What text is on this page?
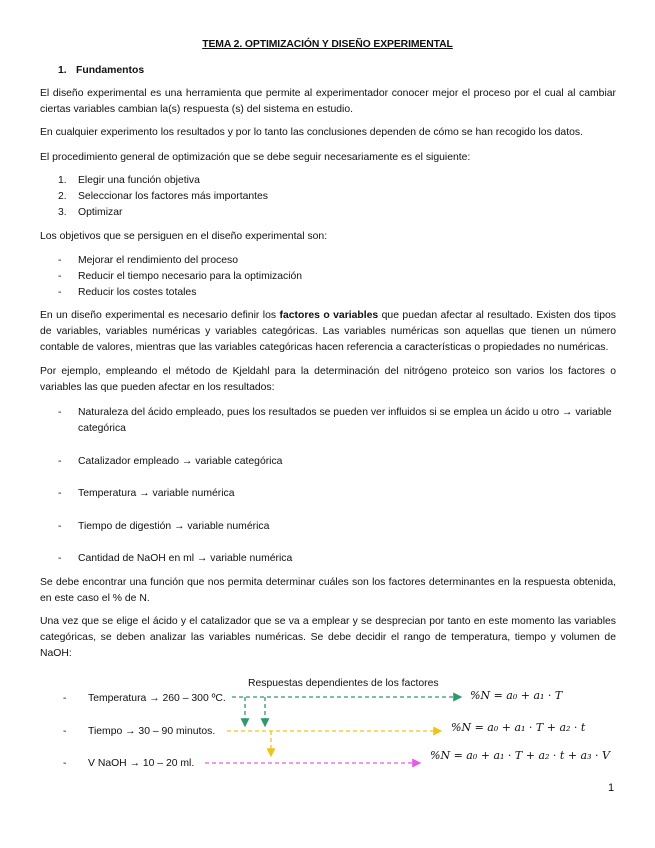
TEMA 2. OPTIMIZACIÓN Y DISEÑO EXPERIMENTAL
1. Fundamentos
El diseño experimental es una herramienta que permite al experimentador conocer mejor el proceso por el cual al cambiar ciertas variables cambian la(s) respuesta (s) del sistema en estudio.
En cualquier experimento los resultados y por lo tanto las conclusiones dependen de cómo se han recogido los datos.
El procedimiento general de optimización que se debe seguir necesariamente es el siguiente:
1. Elegir una función objetiva
2. Seleccionar los factores más importantes
3. Optimizar
Los objetivos que se persiguen en el diseño experimental son:
- Mejorar el rendimiento del proceso
- Reducir el tiempo necesario para la optimización
- Reducir los costes totales
En un diseño experimental es necesario definir los factores o variables que puedan afectar al resultado. Existen dos tipos de variables, variables numéricas y variables categóricas. Las variables numéricas son aquellas que tienen un número contable de valores, mientras que las variables categóricas hacen referencia a características o propiedades no numéricas.
Por ejemplo, empleando el método de Kjeldahl para la determinación del nitrógeno proteico son varios los factores o variables las que pueden afectar en los resultados:
- Naturaleza del ácido empleado, pues los resultados se pueden ver influidos si se emplea un ácido u otro → variable categórica
- Catalizador empleado → variable categórica
- Temperatura → variable numérica
- Tiempo de digestión → variable numérica
- Cantidad de NaOH en ml → variable numérica
Se debe encontrar una función que nos permita determinar cuáles son los factores determinantes en la respuesta obtenida, en este caso el % de N.
Una vez que se elige el ácido y el catalizador que se va a emplear y se desprecian por tanto en este momento las variables categóricas, se deben analizar las variables numéricas. Se debe decidir el rango de temperatura, tiempo y volumen de NaOH:
Respuestas dependientes de los factores
- Temperatura → 260 – 300 ºC.
- Tiempo → 30 – 90 minutos.
- V NaOH → 10 – 20 ml.
%N = a₀ + a₁ · T
%N = a₀ + a₁ · T + a₂ · t
%N = a₀ + a₁ · T + a₂ · t + a₃ · V
1
